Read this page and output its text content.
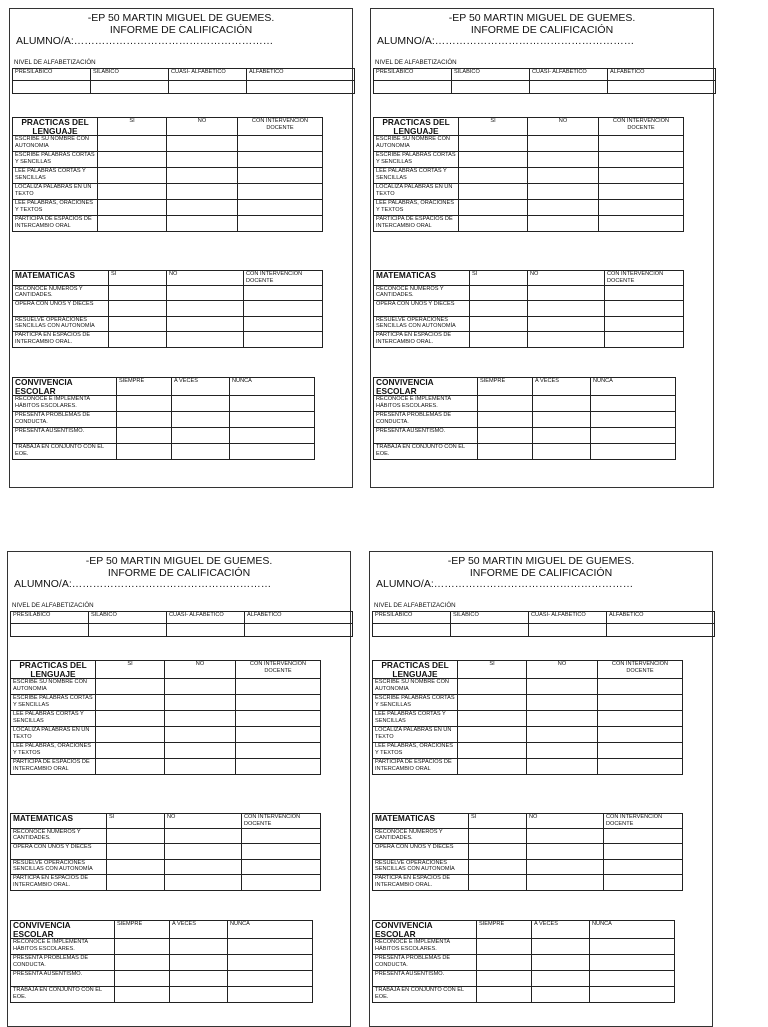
-EP 50 MARTIN MIGUEL DE GUEMES.
INFORME DE CALIFICACIÓN
ALUMNO/A:…………………………………………………
NIVEL DE ALFABETIZACIÓN
PRESILÁBICO	SILÁBICO	CUASI- ALFABETICO	ALFABETICO

PRACTICAS DEL LENGUAJE	SI	NO	CON INTERVENCION DOCENTE
ESCRIBE SU NOMBRE CON AUTONOMIA			
ESCRIBE PALABRAS CORTAS Y SENCILLAS			
LEE PALABRAS CORTAS Y SENCILLAS			
LOCALIZA PALABRAS EN UN TEXTO			
LEE PALABRAS, ORACIONES Y TEXTOS			
PARTICIPA DE ESPACIOS DE INTERCAMBIO ORAL			
MATEMATICAS	SI	NO	CON INTERVENCION DOCENTE
RECONOCE NUMEROS Y CANTIDADES.			
OPERA CON UNOS Y DIECES			
RESUELVE OPERACIONES SENCILLAS CON AUTONOMÍA			
PARTICPA EN ESPACIOS DE INTERCAMBIO ORAL.			
CONVIVENCIA ESCOLAR	SIEMPRE	A VECES	NUNCA
RECONOCE E IMPLEMENTA HÁBITOS ESCOLARES.			
PRESENTA PROBLEMAS DE CONDUCTA.			
PRESENTA AUSENTISMO.			
TRABAJA EN CONJUNTO CON EL EOE.			
-EP 50 MARTIN MIGUEL DE GUEMES.
INFORME DE CALIFICACIÓN
ALUMNO/A:…………………………………………………
NIVEL DE ALFABETIZACIÓN
PRESILÁBICO	SILÁBICO	CUASI- ALFABETICO	ALFABETICO

PRACTICAS DEL LENGUAJE	SI	NO	CON INTERVENCION DOCENTE
ESCRIBE SU NOMBRE CON AUTONOMIA			
ESCRIBE PALABRAS CORTAS Y SENCILLAS			
LEE PALABRAS CORTAS Y SENCILLAS			
LOCALIZA PALABRAS EN UN TEXTO			
LEE PALABRAS, ORACIONES Y TEXTOS			
PARTICIPA DE ESPACIOS DE INTERCAMBIO ORAL			
MATEMATICAS	SI	NO	CON INTERVENCION DOCENTE
RECONOCE NUMEROS Y CANTIDADES.			
OPERA CON UNOS Y DIECES			
RESUELVE OPERACIONES SENCILLAS CON AUTONOMÍA			
PARTICPA EN ESPACIOS DE INTERCAMBIO ORAL.			
CONVIVENCIA ESCOLAR	SIEMPRE	A VECES	NUNCA
RECONOCE E IMPLEMENTA HÁBITOS ESCOLARES.			
PRESENTA PROBLEMAS DE CONDUCTA.			
PRESENTA AUSENTISMO.			
TRABAJA EN CONJUNTO CON EL EOE.			
-EP 50 MARTIN MIGUEL DE GUEMES.
INFORME DE CALIFICACIÓN
ALUMNO/A:…………………………………………………
NIVEL DE ALFABETIZACIÓN
PRESILÁBICO	SILÁBICO	CUASI- ALFABETICO	ALFABETICO

PRACTICAS DEL LENGUAJE	SI	NO	CON INTERVENCION DOCENTE
ESCRIBE SU NOMBRE CON AUTONOMIA			
ESCRIBE PALABRAS CORTAS Y SENCILLAS			
LEE PALABRAS CORTAS Y SENCILLAS			
LOCALIZA PALABRAS EN UN TEXTO			
LEE PALABRAS, ORACIONES Y TEXTOS			
PARTICIPA DE ESPACIOS DE INTERCAMBIO ORAL			
MATEMATICAS	SI	NO	CON INTERVENCION DOCENTE
RECONOCE NUMEROS Y CANTIDADES.			
OPERA CON UNOS Y DIECES			
RESUELVE OPERACIONES SENCILLAS CON AUTONOMÍA			
PARTICPA EN ESPACIOS DE INTERCAMBIO ORAL.			
CONVIVENCIA ESCOLAR	SIEMPRE	A VECES	NUNCA
RECONOCE E IMPLEMENTA HÁBITOS ESCOLARES.			
PRESENTA PROBLEMAS DE CONDUCTA.			
PRESENTA AUSENTISMO.			
TRABAJA EN CONJUNTO CON EL EOE.			
-EP 50 MARTIN MIGUEL DE GUEMES.
INFORME DE CALIFICACIÓN
ALUMNO/A:…………………………………………………
NIVEL DE ALFABETIZACIÓN
PRESILÁBICO	SILÁBICO	CUASI- ALFABETICO	ALFABETICO

PRACTICAS DEL LENGUAJE	SI	NO	CON INTERVENCION DOCENTE
ESCRIBE SU NOMBRE CON AUTONOMIA			
ESCRIBE PALABRAS CORTAS Y SENCILLAS			
LEE PALABRAS CORTAS Y SENCILLAS			
LOCALIZA PALABRAS EN UN TEXTO			
LEE PALABRAS, ORACIONES Y TEXTOS			
PARTICIPA DE ESPACIOS DE INTERCAMBIO ORAL			
MATEMATICAS	SI	NO	CON INTERVENCION DOCENTE
RECONOCE NUMEROS Y CANTIDADES.			
OPERA CON UNOS Y DIECES			
RESUELVE OPERACIONES SENCILLAS CON AUTONOMÍA			
PARTICPA EN ESPACIOS DE INTERCAMBIO ORAL.			
CONVIVENCIA ESCOLAR	SIEMPRE	A VECES	NUNCA
RECONOCE E IMPLEMENTA HÁBITOS ESCOLARES.			
PRESENTA PROBLEMAS DE CONDUCTA.			
PRESENTA AUSENTISMO.			
TRABAJA EN CONJUNTO CON EL EOE.			
